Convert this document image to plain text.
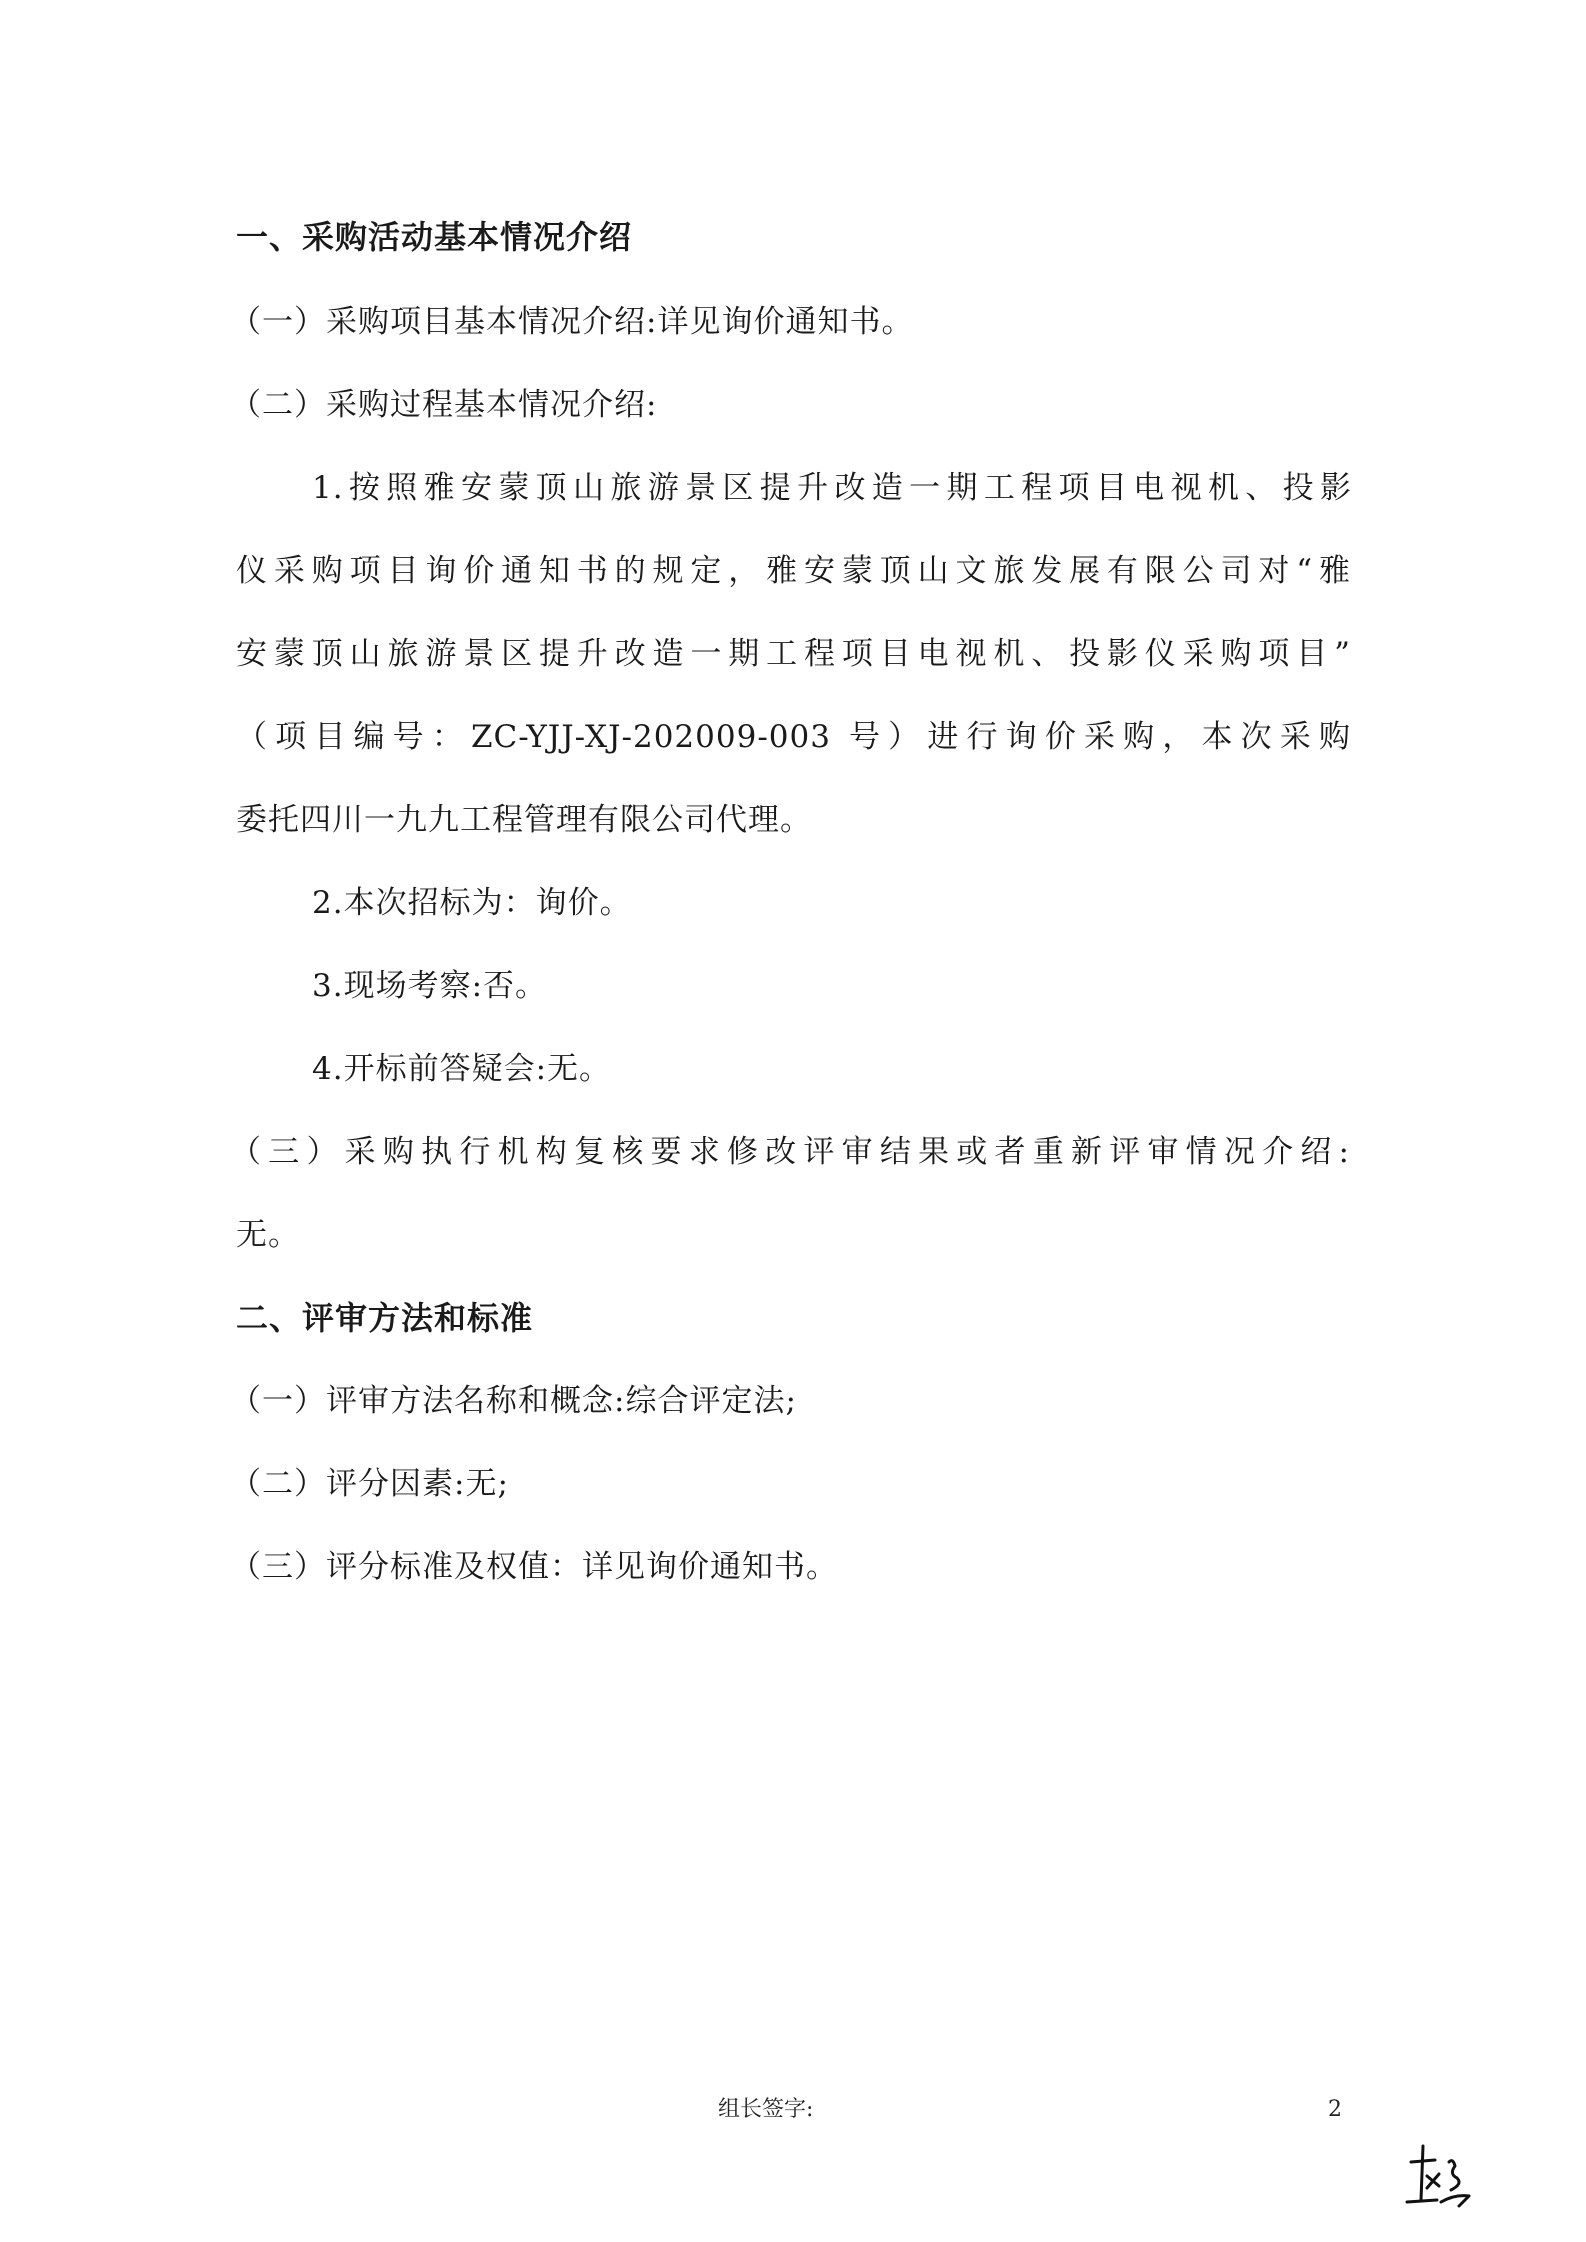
一、采购活动基本情况介绍
（一）采购项目基本情况介绍:详见询价通知书。
（二）采购过程基本情况介绍:
1.按照雅安蒙顶山旅游景区提升改造一期工程项目电视机、投影
仪采购项目询价通知书的规定，雅安蒙顶山文旅发展有限公司对“雅
安蒙顶山旅游景区提升改造一期工程项目电视机、投影仪采购项目”
（项目编号：ZC-YJJ-XJ-202009-003 号）进行询价采购，本次采购
委托四川一九九工程管理有限公司代理。
2.本次招标为：询价。
3.现场考察:否。
4.开标前答疑会:无。
（三）采购执行机构复核要求修改评审结果或者重新评审情况介绍:
无。
二、评审方法和标准
（一）评审方法名称和概念:综合评定法;
（二）评分因素:无;
（三）评分标准及权值：详见询价通知书。
组长签字:	2
